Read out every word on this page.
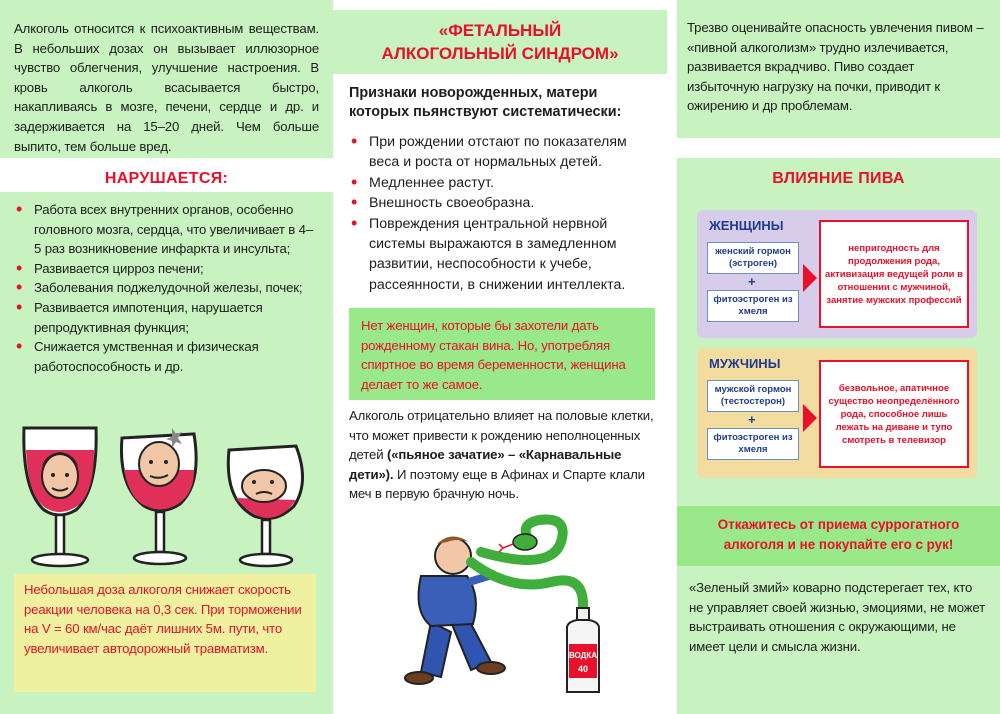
Алкоголь относится к психоактивным веществам. В небольших дозах он вызывает иллюзорное чувство облегчения, улучшение настроения. В кровь алкоголь всасывается быстро, накапливаясь в мозге, печени, сердце и др. и задерживается на 15–20 дней. Чем больше выпито, тем больше вред.

НАРУШАЕТСЯ:
• Работа всех внутренних органов, особенно головного мозга, сердца, что увеличивает в 4–5 раз возникновение инфаркта и инсульта;
• Развивается цирроз печени;
• Заболевания поджелудочной железы, почек;
• Развивается импотенция, нарушается репродуктивная функция;
• Снижается умственная и физическая работоспособность и др.
Небольшая доза алкоголя снижает скорость реакции человека на 0,3 сек. При торможении на V = 60 км/час даёт лишних 5м. пути, что увеличивает автодорожный травматизм.
«ФЕТАЛЬНЫЙ
АЛКОГОЛЬНЫЙ СИНДРОМ»
Признаки новорожденных, матери которых пьянствуют систематически:
• При рождении отстают по показателям веса и роста от нормальных детей.
• Медленнее растут.
• Внешность своеобразна.
• Повреждения центральной нервной системы выражаются в замедленном развитии, неспособности к учебе, рассеянности, в снижении интеллекта.
Нет женщин, которые бы захотели дать рожденному стакан вина. Но, употребляя спиртное во время беременности, женщина делает то же самое.

Алкоголь отрицательно влияет на половые клетки, что может привести к рождению неполноценных детей («пьяное зачатие» – «Карнавальные дети»). И поэтому еще в Афинах и Спарте клали меч в первую брачную ночь.

ВОДКА
40

Трезво оценивайте опасность увлечения пивом – «пивной алкоголизм» трудно излечивается, развивается вкрадчиво. Пиво создает избыточную нагрузку на почки, приводит к ожирению и др проблемам.

ВЛИЯНИЕ ПИВА
ЖЕНЩИНЫ
женский гормон (эстроген)
+
фитоэстроген из хмеля
непригодность для продолжения рода, активизация ведущей роли в отношении с мужчиной, занятие мужских профессий
МУЖЧИНЫ
мужской гормон (тестостерон)
+
фитоэстроген из хмеля
безвольное, апатичное существо неопределённого рода, способное лишь лежать на диване и тупо смотреть в телевизор
Откажитесь от приема суррогатного алкоголя и не покупайте его с рук!

«Зеленый змий» коварно подстерегает тех, кто не управляет своей жизнью, эмоциями, не может выстраивать отношения с окружающими, не имеет цели и смысла жизни.
